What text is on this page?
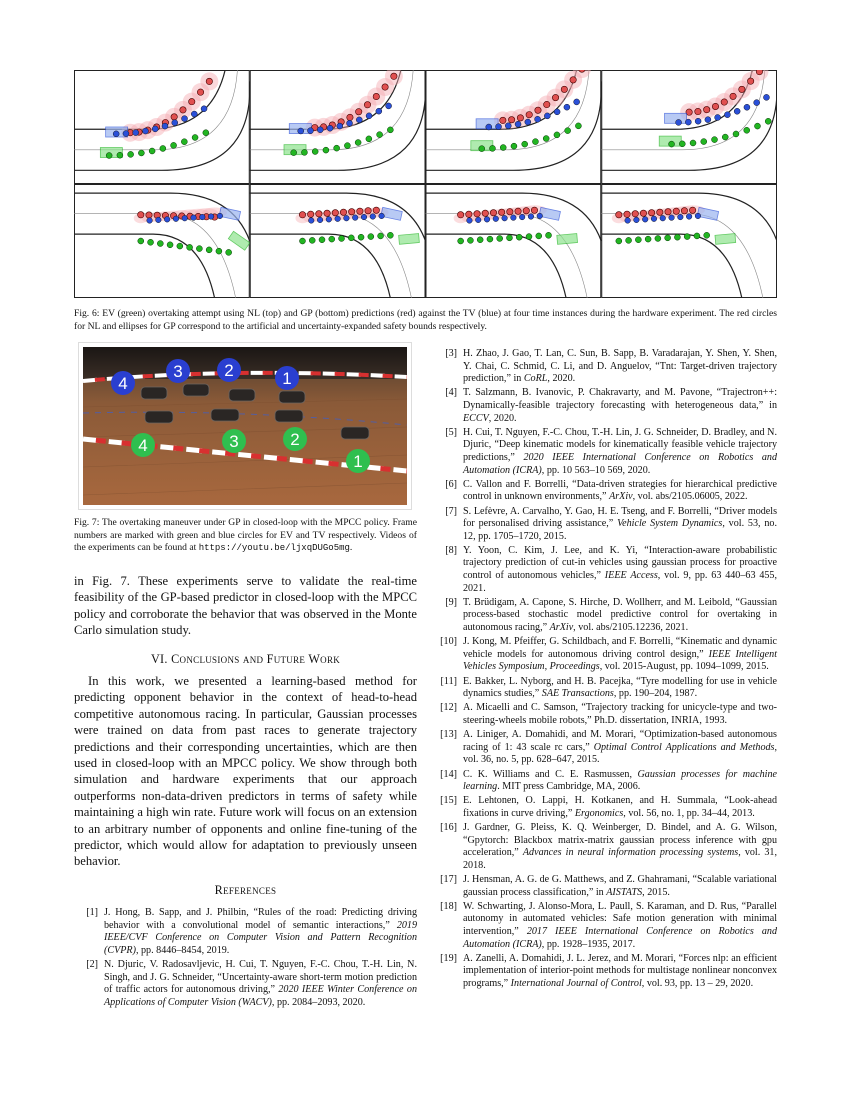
Fig. 6: EV (green) overtaking attempt using NL (top) and GP (bottom) predictions (red) against the TV (blue) at four time instances during the hardware experiment. The red circles for NL and ellipses for GP correspond to the artificial and uncertainty-expanded safety bounds respectively.
4
3 2	1
4	3	2
1
Fig. 7: The overtaking maneuver under GP in closed-loop with the MPCC policy. Frame numbers are marked with green and blue circles for EV and TV respectively. Videos of the experiments can be found at https://youtu.be/ljxqDUGo5mg.
in Fig. 7. These experiments serve to validate the real-time feasibility of the GP-based predictor in closed-loop with the MPCC policy and corroborate the behavior that was observed in the Monte Carlo simulation study.
VI. Conclusions and Future Work
In this work, we presented a learning-based method for predicting opponent behavior in the context of head-to-head competitive autonomous racing. In particular, Gaussian processes were trained on data from past races to generate trajectory predictions and their corresponding uncertainties, which are then used in closed-loop with an MPCC policy. We show through both simulation and hardware experiments that our approach outperforms non-data-driven predictors in terms of safety while maintaining a high win rate. Future work will focus on an extension to an arbitrary number of opponents and online fine-tuning of the predictor, which would allow for adaptation to previously unseen behavior.
References
[1] J. Hong, B. Sapp, and J. Philbin, “Rules of the road: Predicting driving behavior with a convolutional model of semantic interactions,” 2019 IEEE/CVF Conference on Computer Vision and Pattern Recognition (CVPR), pp. 8446–8454, 2019.
[2] N. Djuric, V. Radosavljevic, H. Cui, T. Nguyen, F.-C. Chou, T.-H. Lin, N. Singh, and J. G. Schneider, “Uncertainty-aware short-term motion prediction of traffic actors for autonomous driving,” 2020 IEEE Winter Conference on Applications of Computer Vision (WACV), pp. 2084–2093, 2020.
[3] H. Zhao, J. Gao, T. Lan, C. Sun, B. Sapp, B. Varadarajan, Y. Shen, Y. Shen, Y. Chai, C. Schmid, C. Li, and D. Anguelov, “Tnt: Target-driven trajectory prediction,” in CoRL, 2020.
[4] T. Salzmann, B. Ivanovic, P. Chakravarty, and M. Pavone, “Trajectron++: Dynamically-feasible trajectory forecasting with heterogeneous data,” in ECCV, 2020.
[5] H. Cui, T. Nguyen, F.-C. Chou, T.-H. Lin, J. G. Schneider, D. Bradley, and N. Djuric, “Deep kinematic models for kinematically feasible vehicle trajectory predictions,” 2020 IEEE International Conference on Robotics and Automation (ICRA), pp. 10 563–10 569, 2020.
[6] C. Vallon and F. Borrelli, “Data-driven strategies for hierarchical predictive control in unknown environments,” ArXiv, vol. abs/2105.06005, 2022.
[7] S. Lefèvre, A. Carvalho, Y. Gao, H. E. Tseng, and F. Borrelli, “Driver models for personalised driving assistance,” Vehicle System Dynamics, vol. 53, no. 12, pp. 1705–1720, 2015.
[8] Y. Yoon, C. Kim, J. Lee, and K. Yi, “Interaction-aware probabilistic trajectory prediction of cut-in vehicles using gaussian process for proactive control of autonomous vehicles,” IEEE Access, vol. 9, pp. 63 440–63 455, 2021.
[9] T. Brüdigam, A. Capone, S. Hirche, D. Wollherr, and M. Leibold, “Gaussian process-based stochastic model predictive control for overtaking in autonomous racing,” ArXiv, vol. abs/2105.12236, 2021.
[10] J. Kong, M. Pfeiffer, G. Schildbach, and F. Borrelli, “Kinematic and dynamic vehicle models for autonomous driving control design,” IEEE Intelligent Vehicles Symposium, Proceedings, vol. 2015-August, pp. 1094–1099, 2015.
[11] E. Bakker, L. Nyborg, and H. B. Pacejka, “Tyre modelling for use in vehicle dynamics studies,” SAE Transactions, pp. 190–204, 1987.
[12] A. Micaelli and C. Samson, “Trajectory tracking for unicycle-type and two-steering-wheels mobile robots,” Ph.D. dissertation, INRIA, 1993.
[13] A. Liniger, A. Domahidi, and M. Morari, “Optimization-based autonomous racing of 1: 43 scale rc cars,” Optimal Control Applications and Methods, vol. 36, no. 5, pp. 628–647, 2015.
[14] C. K. Williams and C. E. Rasmussen, Gaussian processes for machine learning. MIT press Cambridge, MA, 2006.
[15] E. Lehtonen, O. Lappi, H. Kotkanen, and H. Summala, “Look-ahead fixations in curve driving,” Ergonomics, vol. 56, no. 1, pp. 34–44, 2013.
[16] J. Gardner, G. Pleiss, K. Q. Weinberger, D. Bindel, and A. G. Wilson, “Gpytorch: Blackbox matrix-matrix gaussian process inference with gpu acceleration,” Advances in neural information processing systems, vol. 31, 2018.
[17] J. Hensman, A. G. de G. Matthews, and Z. Ghahramani, “Scalable variational gaussian process classification,” in AISTATS, 2015.
[18] W. Schwarting, J. Alonso-Mora, L. Paull, S. Karaman, and D. Rus, “Parallel autonomy in automated vehicles: Safe motion generation with minimal intervention,” 2017 IEEE International Conference on Robotics and Automation (ICRA), pp. 1928–1935, 2017.
[19] A. Zanelli, A. Domahidi, J. L. Jerez, and M. Morari, “Forces nlp: an efficient implementation of interior-point methods for multistage nonlinear nonconvex programs,” International Journal of Control, vol. 93, pp. 13 – 29, 2020.
